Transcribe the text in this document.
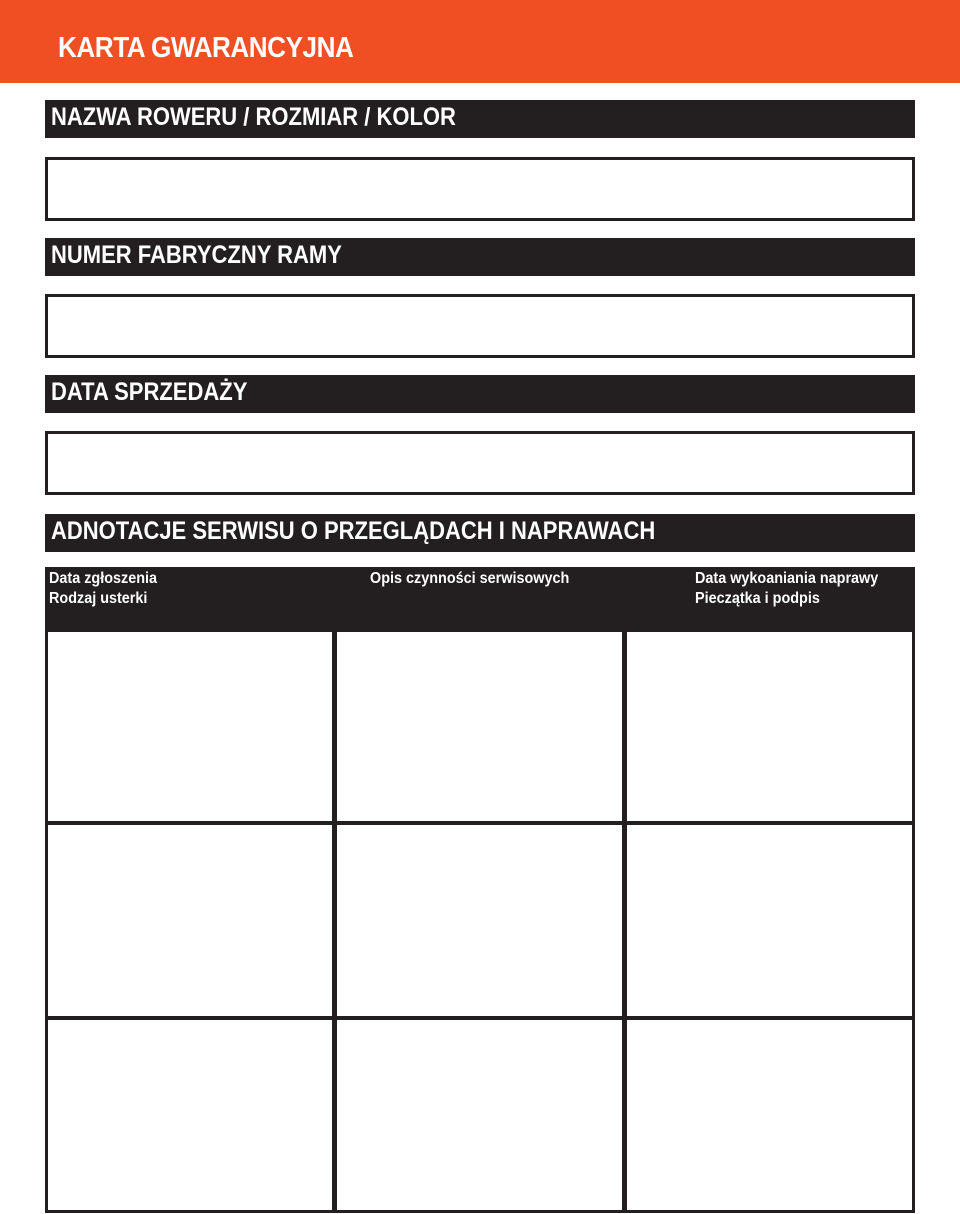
KARTA GWARANCYJNA
NAZWA ROWERU / ROZMIAR / KOLOR
NUMER FABRYCZNY RAMY
DATA SPRZEDAŻY
ADNOTACJE SERWISU O PRZEGLĄDACH I NAPRAWACH
Data zgłoszenia
Rodzaj usterki
Opis czynności serwisowych	Data wykoaniania naprawy
Pieczątka i podpis
